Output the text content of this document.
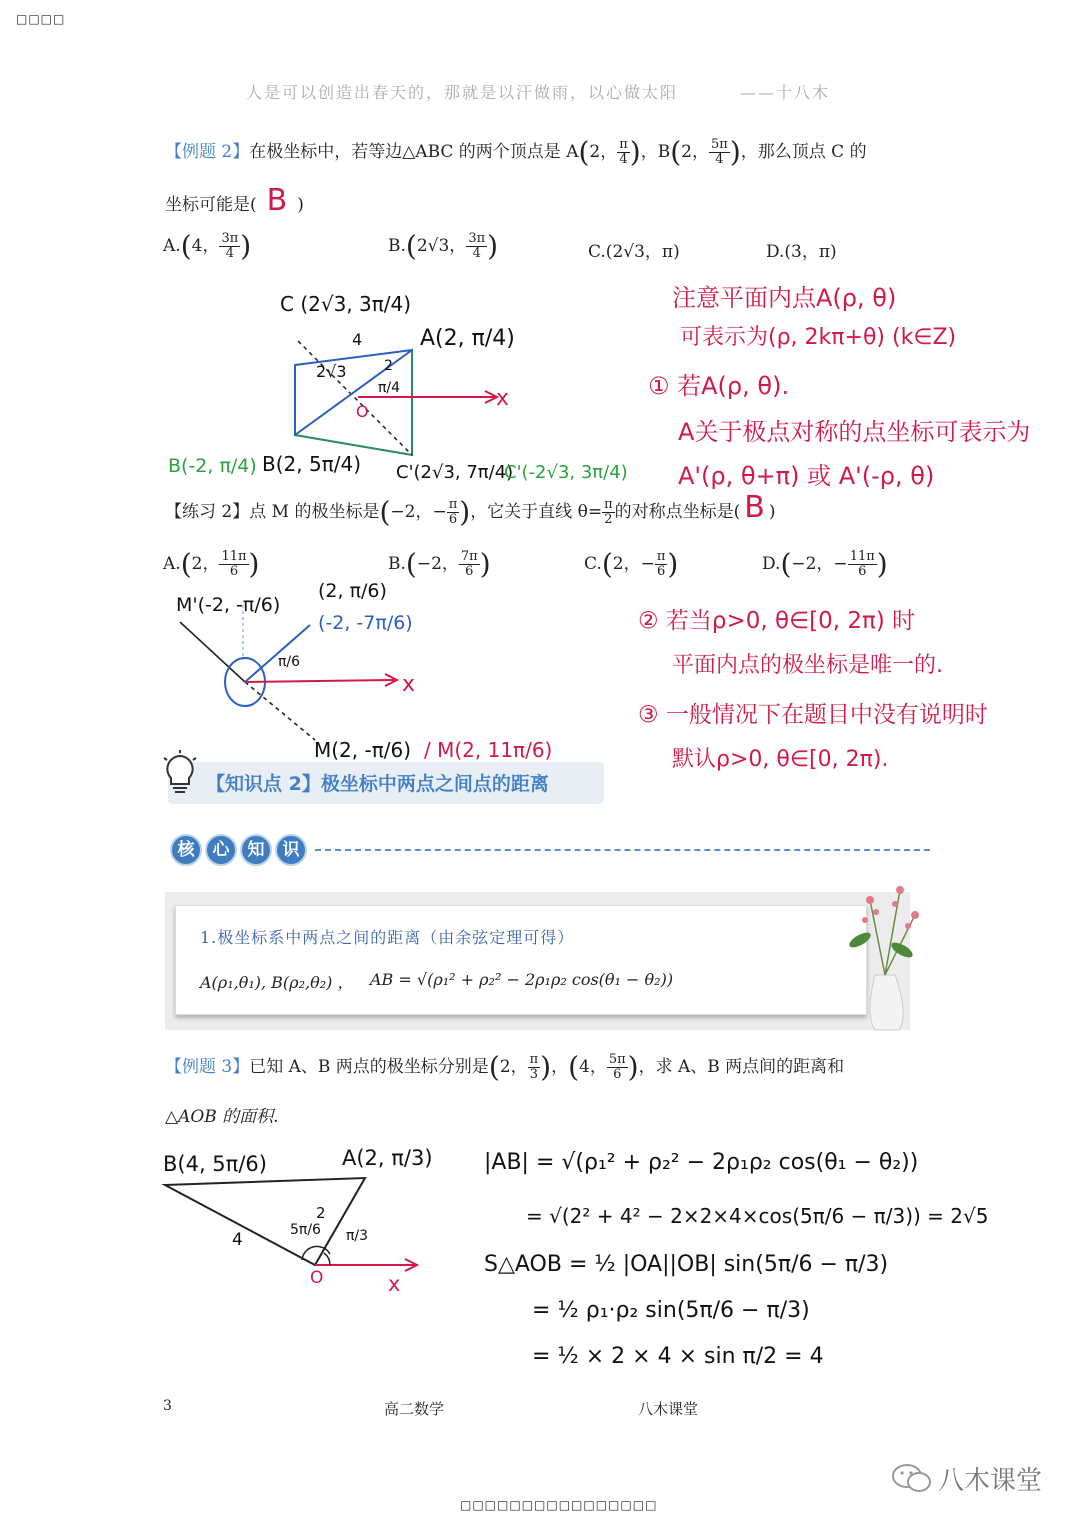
□□□□
人是可以创造出春天的，那就是以汗做雨，以心做太阳	——十八木
【例题 2】在极坐标中，若等边△ABC 的两个顶点是 A(2， $\frac{\pi}{4}$ )，B(2， $\frac{5\pi}{4}$ )，那么顶点 C 的
坐标可能是( B )
A.(4， $\frac{3\pi}{4}$ )	B.(2√3， $\frac{3\pi}{4}$ )	C.(2√3，π)	D.(3，π)
C (2√3, 3π/4)
A(2, π/4)
4
2√3	2
π/4
O
x
B(-2, π/4) B(2, 5π/4) C'(2√3, 7π/4)
C'(-2√3, 3π/4)
注意平面内点A(ρ, θ)
可表示为(ρ, 2kπ+θ) (k∈Z)
① 若A(ρ, θ).
A关于极点对称的点坐标可表示为
A'(ρ, θ+π) 或 A'(-ρ, θ)
【练习 2】点 M 的极坐标是(−2，− $\frac{\pi}{6}$ )，它关于直线 $\theta= \frac{\pi}{2}$ 的对称点坐标是( B )
A.(2， $\frac{11\pi}{6}$ )	B.(−2， $\frac{7\pi}{6}$ )	C.(2，− $\frac{\pi}{6}$ )	D.(−2，− $\frac{11\pi}{6}$ )
M'(-2, -π/6)
(2, π/6)
(-2, -7π/6)
π/6
x
M(2, -π/6) / M(2, 11π/6)
② 若当ρ>0, θ∈[0, 2π) 时
平面内点的极坐标是唯一的.
③ 一般情况下在题目中没有说明时
默认ρ>0, θ∈[0, 2π).
【知识点 2】极坐标中两点之间点的距离
核 心 知 识
1.极坐标系中两点之间的距离（由余弦定理可得）
A(ρ₁,θ₁), B(ρ₂,θ₂) ， AB = √(ρ₁² + ρ₂² − 2ρ₁ρ₂ cos(θ₁ − θ₂))
【例题 3】已知 A、B 两点的极坐标分别是(2， $\frac{\pi}{3}$ )，(4， $\frac{5\pi}{6}$ )，求 A、B 两点间的距离和
△AOB 的面积.
B(4, 5π/6)	A(2, π/3)
4
2
5π/6 π/3
O	x
|AB| = √(ρ₁² + ρ₂² − 2ρ₁ρ₂ cos(θ₁ − θ₂))
= √(2² + 4² − 2×2×4×cos(5π/6 − π/3)) = 2√5
S△AOB = ½ |OA||OB| sin(5π/6 − π/3)
= ½ ρ₁·ρ₂ sin(5π/6 − π/3)
= ½ × 2 × 4 × sin π/2 = 4
3	高二数学	八木课堂
八木课堂
□□□□□□□□□□□□□□□□
